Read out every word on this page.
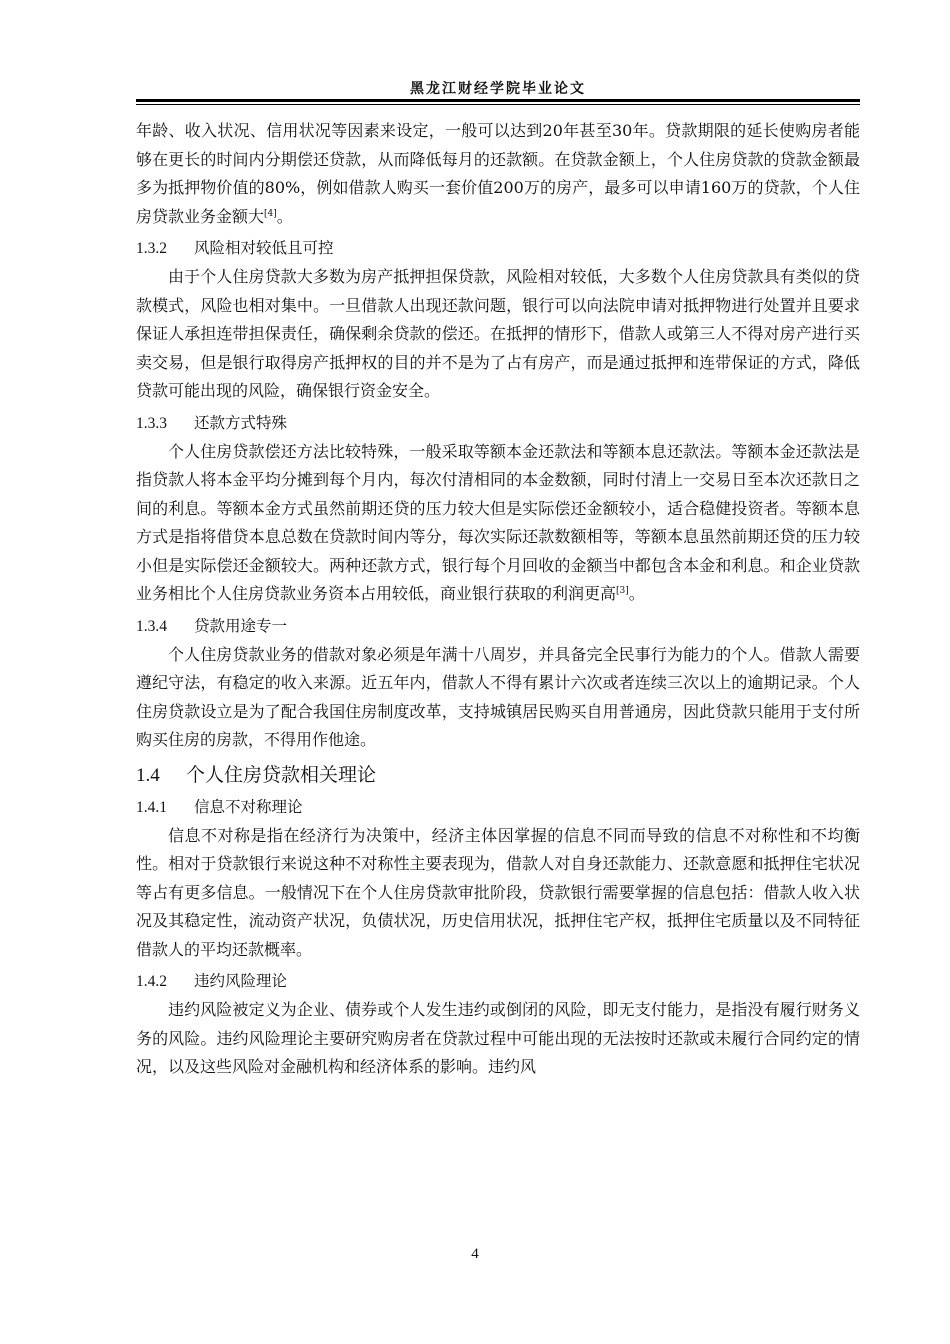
黑龙江财经学院毕业论文

年龄、收入状况、信用状况等因素来设定，一般可以达到20年甚至30年。贷款期限的延长使购房者能够在更长的时间内分期偿还贷款，从而降低每月的还款额。在贷款金额上，个人住房贷款的贷款金额最多为抵押物价值的80%，例如借款人购买一套价值200万的房产，最多可以申请160万的贷款，个人住房贷款业务金额大[4]。

1.3.2 风险相对较低且可控

由于个人住房贷款大多数为房产抵押担保贷款，风险相对较低，大多数个人住房贷款具有类似的贷款模式，风险也相对集中。一旦借款人出现还款问题，银行可以向法院申请对抵押物进行处置并且要求保证人承担连带担保责任，确保剩余贷款的偿还。在抵押的情形下，借款人或第三人不得对房产进行买卖交易，但是银行取得房产抵押权的目的并不是为了占有房产，而是通过抵押和连带保证的方式，降低贷款可能出现的风险，确保银行资金安全。

1.3.3 还款方式特殊

个人住房贷款偿还方法比较特殊，一般采取等额本金还款法和等额本息还款法。等额本金还款法是指贷款人将本金平均分摊到每个月内，每次付清相同的本金数额，同时付清上一交易日至本次还款日之间的利息。等额本金方式虽然前期还贷的压力较大但是实际偿还金额较小，适合稳健投资者。等额本息方式是指将借贷本息总数在贷款时间内等分，每次实际还款数额相等，等额本息虽然前期还贷的压力较小但是实际偿还金额较大。两种还款方式，银行每个月回收的金额当中都包含本金和利息。和企业贷款业务相比个人住房贷款业务资本占用较低，商业银行获取的利润更高[3]。

1.3.4 贷款用途专一

个人住房贷款业务的借款对象必须是年满十八周岁，并具备完全民事行为能力的个人。借款人需要遵纪守法，有稳定的收入来源。近五年内，借款人不得有累计六次或者连续三次以上的逾期记录。个人住房贷款设立是为了配合我国住房制度改革，支持城镇居民购买自用普通房，因此贷款只能用于支付所购买住房的房款，不得用作他途。

1.4 个人住房贷款相关理论
1.4.1 信息不对称理论

信息不对称是指在经济行为决策中，经济主体因掌握的信息不同而导致的信息不对称性和不均衡性。相对于贷款银行来说这种不对称性主要表现为，借款人对自身还款能力、还款意愿和抵押住宅状况等占有更多信息。一般情况下在个人住房贷款审批阶段，贷款银行需要掌握的信息包括：借款人收入状况及其稳定性，流动资产状况，负债状况，历史信用状况，抵押住宅产权，抵押住宅质量以及不同特征借款人的平均还款概率。

1.4.2 违约风险理论

违约风险被定义为企业、债券或个人发生违约或倒闭的风险，即无支付能力，是指没有履行财务义务的风险。违约风险理论主要研究购房者在贷款过程中可能出现的无法按时还款或未履行合同约定的情况，以及这些风险对金融机构和经济体系的影响。违约风

4
